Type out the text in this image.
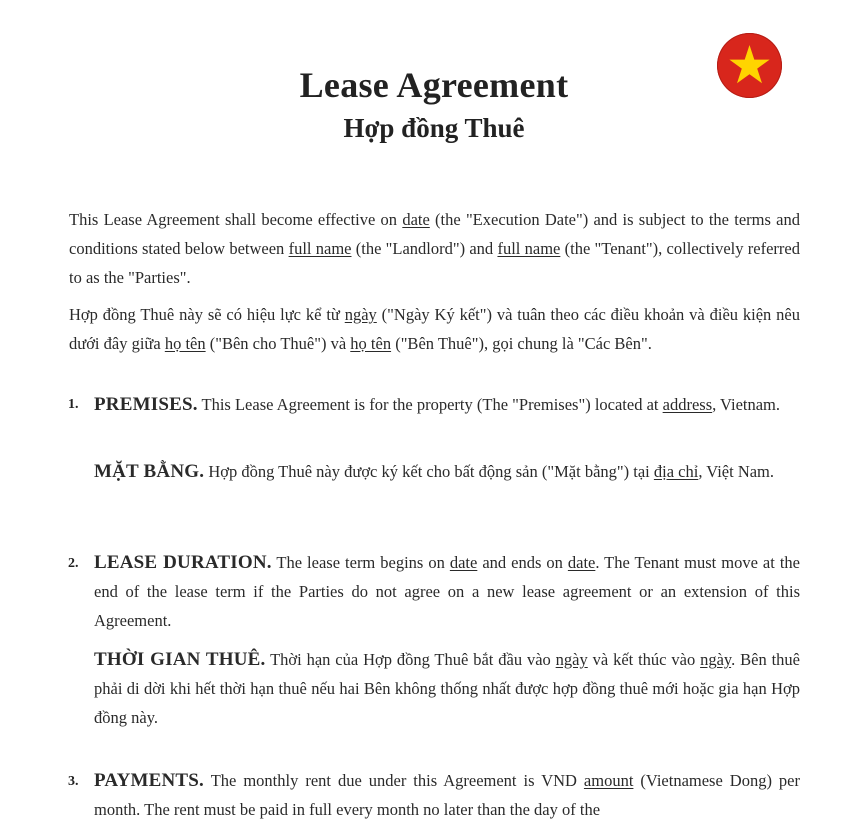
Lease Agreement
Hợp đồng Thuê
This Lease Agreement shall become effective on date (the "Execution Date") and is subject to the terms and conditions stated below between full name (the "Landlord") and full name (the "Tenant"), collectively referred to as the "Parties".
Hợp đồng Thuê này sẽ có hiệu lực kể từ ngày ("Ngày Ký kết") và tuân theo các điều khoản và điều kiện nêu dưới đây giữa họ tên ("Bên cho Thuê") và họ tên ("Bên Thuê"), gọi chung là "Các Bên".
1. PREMISES. This Lease Agreement is for the property (The "Premises") located at address, Vietnam.
MẶT BẰNG. Hợp đồng Thuê này được ký kết cho bất động sản ("Mặt bằng") tại địa chỉ, Việt Nam.
2. LEASE DURATION. The lease term begins on date and ends on date. The Tenant must move at the end of the lease term if the Parties do not agree on a new lease agreement or an extension of this Agreement.
THỜI GIAN THUÊ. Thời hạn của Hợp đồng Thuê bắt đầu vào ngày và kết thúc vào ngày. Bên thuê phải di dời khi hết thời hạn thuê nếu hai Bên không thống nhất được hợp đồng thuê mới hoặc gia hạn Hợp đồng này.
3. PAYMENTS. The monthly rent due under this Agreement is VND amount (Vietnamese Dong) per month. The rent must be paid in full every month no later than the day of the
